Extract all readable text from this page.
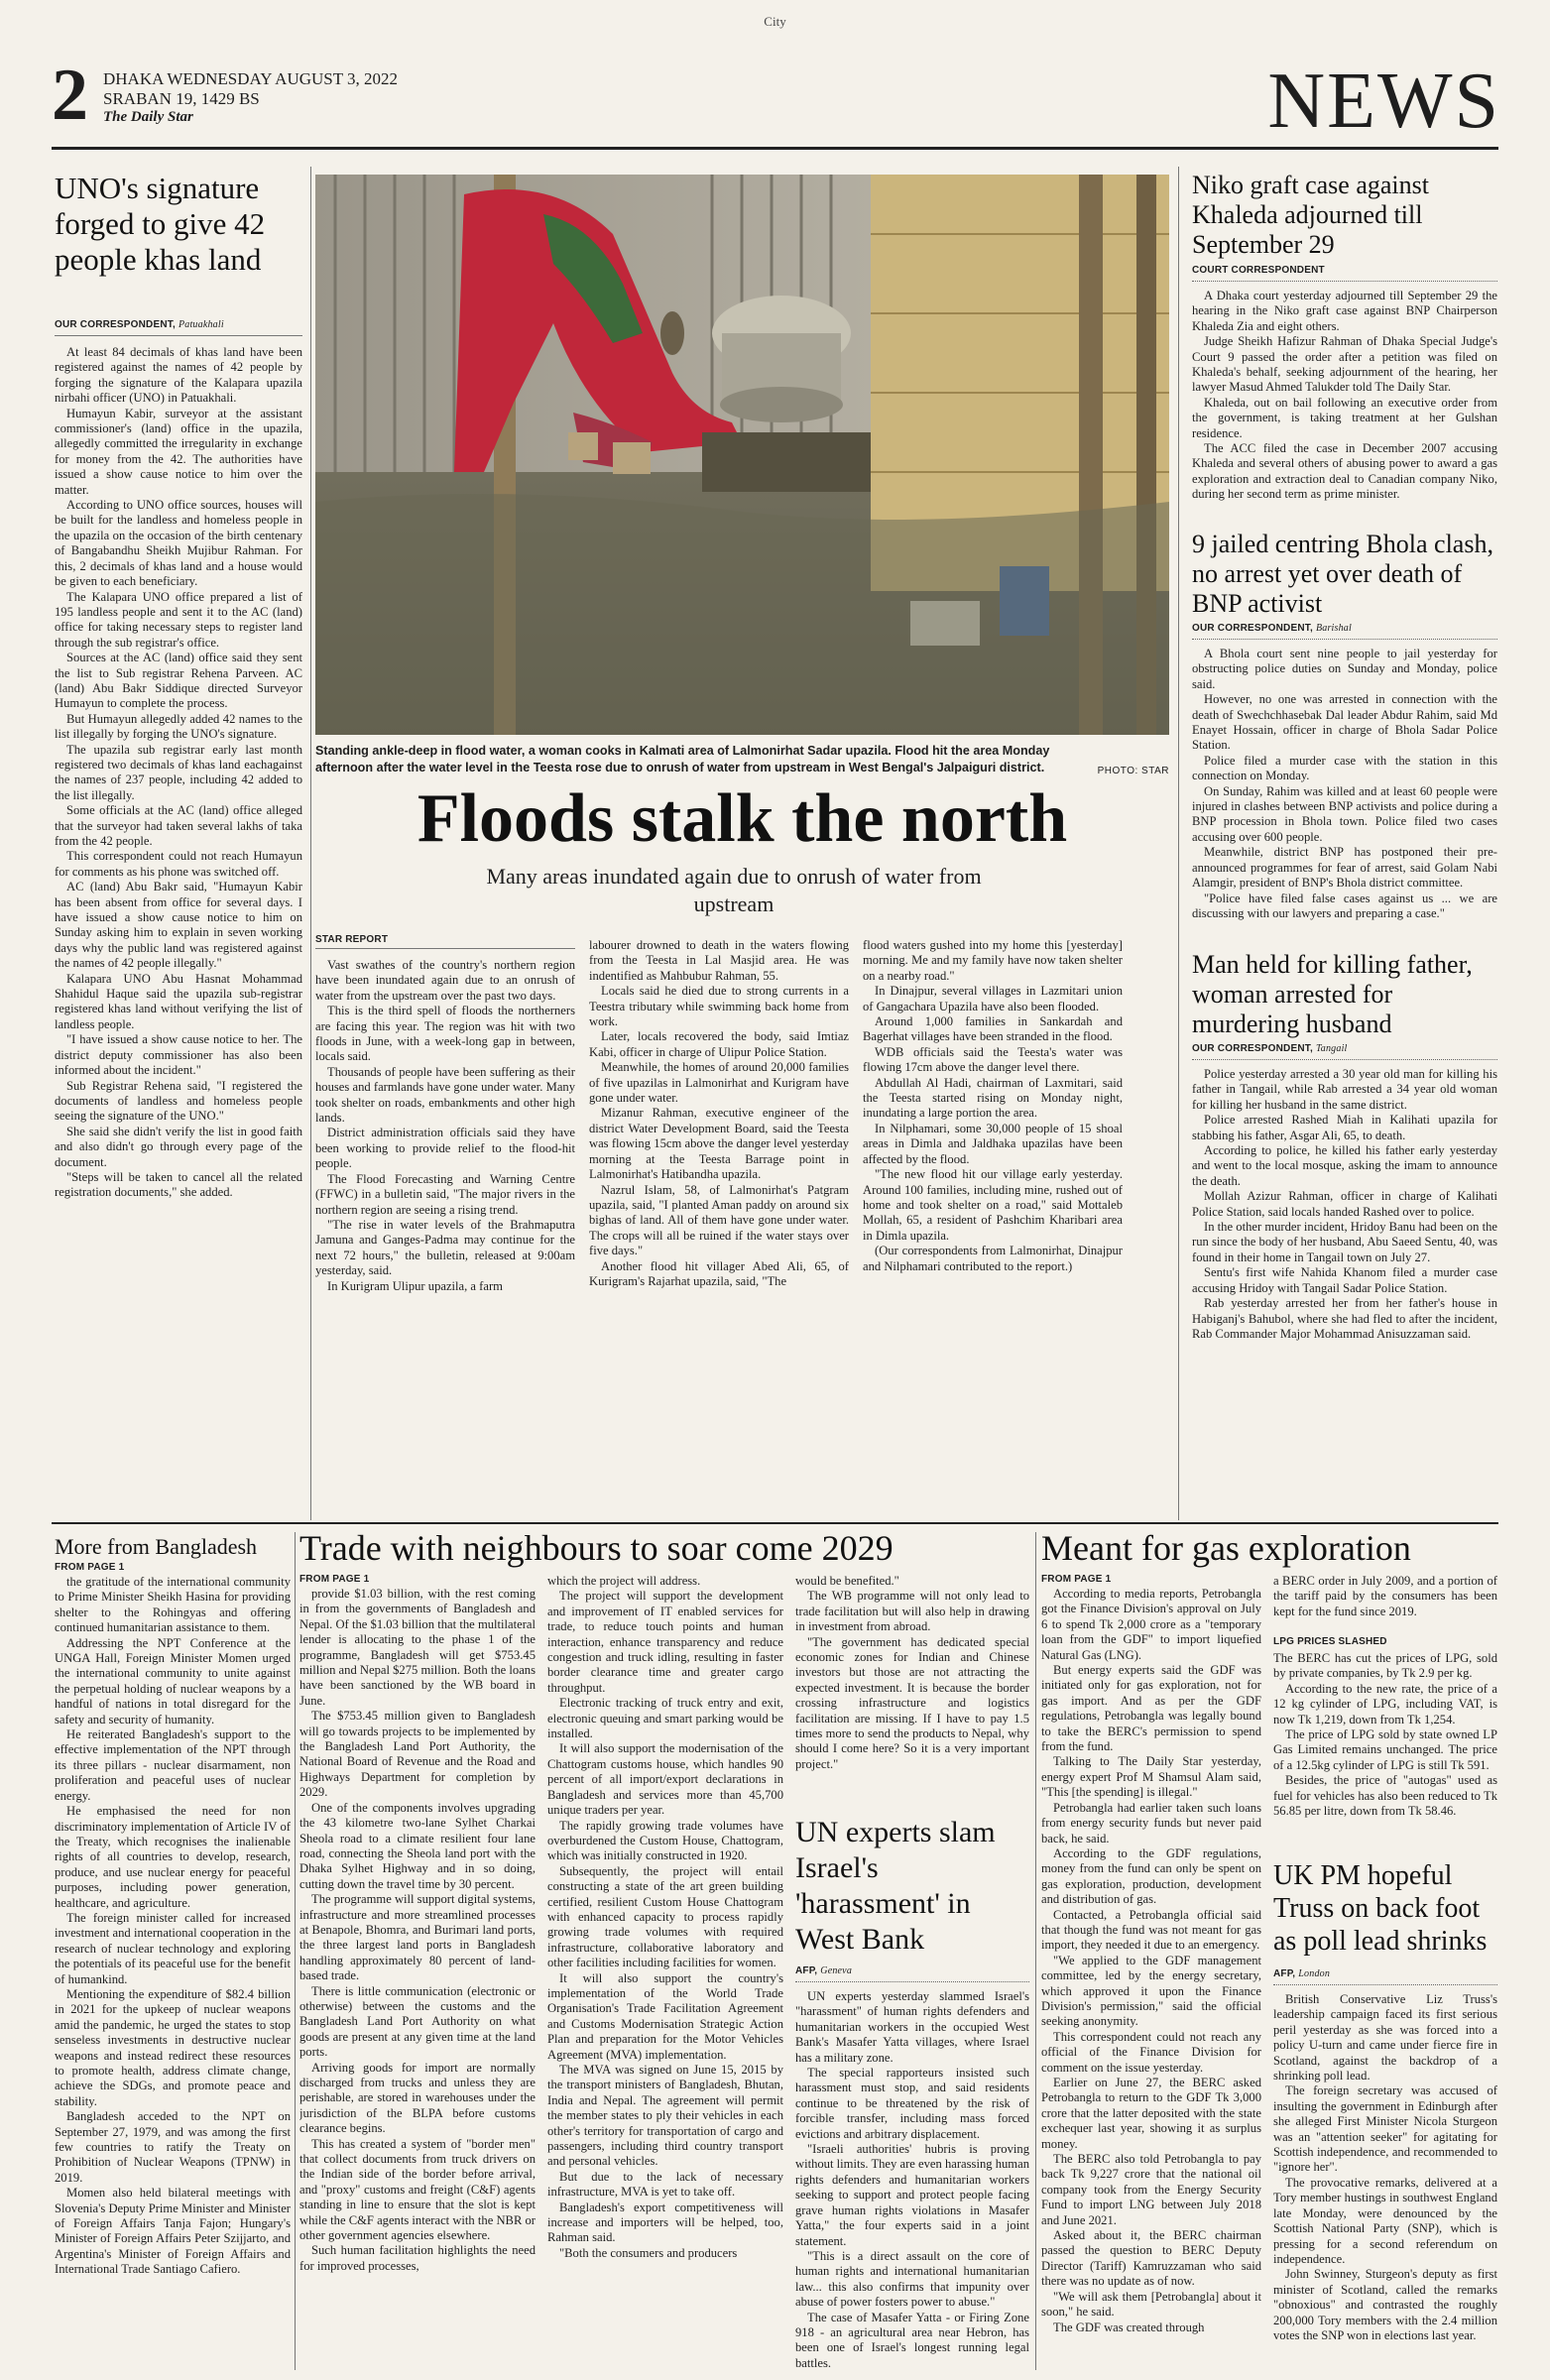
City
2 DHAKA WEDNESDAY AUGUST 3, 2022
SRABAN 19, 1429 BS
The Daily Star	NEWS
UNO's signature forged to give 42 people khas land
OUR CORRESPONDENT, Patuakhali

At least 84 decimals of khas land have been registered against the names of 42 people by forging the signature of the Kalapara upazila nirbahi officer (UNO) in Patuakhali.

Humayun Kabir, surveyor at the assistant commissioner's (land) office in the upazila, allegedly committed the irregularity in exchange for money from the 42. The authorities have issued a show cause notice to him over the matter.

According to UNO office sources, houses will be built for the landless and homeless people in the upazila on the occasion of the birth centenary of Bangabandhu Sheikh Mujibur Rahman. For this, 2 decimals of khas land and a house would be given to each beneficiary.

The Kalapara UNO office prepared a list of 195 landless people and sent it to the AC (land) office for taking necessary steps to register land through the sub registrar's office.

Sources at the AC (land) office said they sent the list to Sub registrar Rehena Parveen. AC (land) Abu Bakr Siddique directed Surveyor Humayun to complete the process.

But Humayun allegedly added 42 names to the list illegally by forging the UNO's signature.

The upazila sub registrar early last month registered two decimals of khas land eachagainst the names of 237 people, including 42 added to the list illegally.

Some officials at the AC (land) office alleged that the surveyor had taken several lakhs of taka from the 42 people.

This correspondent could not reach Humayun for comments as his phone was switched off.

AC (land) Abu Bakr said, "Humayun Kabir has been absent from office for several days. I have issued a show cause notice to him on Sunday asking him to explain in seven working days why the public land was registered against the names of 42 people illegally."

Kalapara UNO Abu Hasnat Mohammad Shahidul Haque said the upazila sub-registrar registered khas land without verifying the list of landless people.

"I have issued a show cause notice to her. The district deputy commissioner has also been informed about the incident."

Sub Registrar Rehena said, "I registered the documents of landless and homeless people seeing the signature of the UNO."

She said she didn't verify the list in good faith and also didn't go through every page of the document.

"Steps will be taken to cancel all the related registration documents," she added.

Standing ankle-deep in flood water, a woman cooks in Kalmati area of Lalmonirhat Sadar upazila. Flood hit the area Monday afternoon after the water level in the Teesta rose due to onrush of water from upstream in West Bengal's Jalpaiguri district.	PHOTO: STAR
Floods stalk the north
Many areas inundated again due to onrush of water from upstream
STAR REPORT

Vast swathes of the country's northern region have been inundated again due to an onrush of water from the upstream over the past two days.

This is the third spell of floods the northerners are facing this year. The region was hit with two floods in June, with a week-long gap in between, locals said.

Thousands of people have been suffering as their houses and farmlands have gone under water. Many took shelter on roads, embankments and other high lands.

District administration officials said they have been working to provide relief to the flood-hit people.

The Flood Forecasting and Warning Centre (FFWC) in a bulletin said, "The major rivers in the northern region are seeing a rising trend.

"The rise in water levels of the Brahmaputra Jamuna and Ganges-Padma may continue for the next 72 hours," the bulletin, released at 9:00am yesterday, said.

In Kurigram Ulipur upazila, a farm

labourer drowned to death in the waters flowing from the Teesta in Lal Masjid area. He was indentified as Mahbubur Rahman, 55.

Locals said he died due to strong currents in a Teestra tributary while swimming back home from work.

Later, locals recovered the body, said Imtiaz Kabi, officer in charge of Ulipur Police Station.

Meanwhile, the homes of around 20,000 families of five upazilas in Lalmonirhat and Kurigram have gone under water.

Mizanur Rahman, executive engineer of the district Water Development Board, said the Teesta was flowing 15cm above the danger level yesterday morning at the Teesta Barrage point in Lalmonirhat's Hatibandha upazila.

Nazrul Islam, 58, of Lalmonirhat's Patgram upazila, said, "I planted Aman paddy on around six bighas of land. All of them have gone under water. The crops will all be ruined if the water stays over five days."

Another flood hit villager Abed Ali, 65, of Kurigram's Rajarhat upazila, said, "The

flood waters gushed into my home this [yesterday] morning. Me and my family have now taken shelter on a nearby road."

In Dinajpur, several villages in Lazmitari union of Gangachara Upazila have also been flooded.

Around 1,000 families in Sankardah and Bagerhat villages have been stranded in the flood.

WDB officials said the Teesta's water was flowing 17cm above the danger level there.

Abdullah Al Hadi, chairman of Laxmitari, said the Teesta started rising on Monday night, inundating a large portion the area.

In Nilphamari, some 30,000 people of 15 shoal areas in Dimla and Jaldhaka upazilas have been affected by the flood.

"The new flood hit our village early yesterday. Around 100 families, including mine, rushed out of home and took shelter on a road," said Mottaleb Mollah, 65, a resident of Pashchim Kharibari area in Dimla upazila.

(Our correspondents from Lalmonirhat, Dinajpur and Nilphamari contributed to the report.)

Niko graft case against Khaleda adjourned till September 29
COURT CORRESPONDENT

A Dhaka court yesterday adjourned till September 29 the hearing in the Niko graft case against BNP Chairperson Khaleda Zia and eight others.

Judge Sheikh Hafizur Rahman of Dhaka Special Judge's Court 9 passed the order after a petition was filed on Khaleda's behalf, seeking adjournment of the hearing, her lawyer Masud Ahmed Talukder told The Daily Star.

Khaleda, out on bail following an executive order from the government, is taking treatment at her Gulshan residence.

The ACC filed the case in December 2007 accusing Khaleda and several others of abusing power to award a gas exploration and extraction deal to Canadian company Niko, during her second term as prime minister.

9 jailed centring Bhola clash, no arrest yet over death of BNP activist
OUR CORRESPONDENT, Barishal

A Bhola court sent nine people to jail yesterday for obstructing police duties on Sunday and Monday, police said.

However, no one was arrested in connection with the death of Swechchhasebak Dal leader Abdur Rahim, said Md Enayet Hossain, officer in charge of Bhola Sadar Police Station.

Police filed a murder case with the station in this connection on Monday.

On Sunday, Rahim was killed and at least 60 people were injured in clashes between BNP activists and police during a BNP procession in Bhola town. Police filed two cases accusing over 600 people.

Meanwhile, district BNP has postponed their pre-announced programmes for fear of arrest, said Golam Nabi Alamgir, president of BNP's Bhola district committee.

"Police have filed false cases against us ... we are discussing with our lawyers and preparing a case."

Man held for killing father, woman arrested for murdering husband
OUR CORRESPONDENT, Tangail

Police yesterday arrested a 30 year old man for killing his father in Tangail, while Rab arrested a 34 year old woman for killing her husband in the same district.

Police arrested Rashed Miah in Kalihati upazila for stabbing his father, Asgar Ali, 65, to death.

According to police, he killed his father early yesterday and went to the local mosque, asking the imam to announce the death.

Mollah Azizur Rahman, officer in charge of Kalihati Police Station, said locals handed Rashed over to police.

In the other murder incident, Hridoy Banu had been on the run since the body of her husband, Abu Saeed Sentu, 40, was found in their home in Tangail town on July 27.

Sentu's first wife Nahida Khanom filed a murder case accusing Hridoy with Tangail Sadar Police Station.

Rab yesterday arrested her from her father's house in Habiganj's Bahubol, where she had fled to after the incident, Rab Commander Major Mohammad Anisuzzaman said.

More from Bangladesh
FROM PAGE 1

the gratitude of the international community to Prime Minister Sheikh Hasina for providing shelter to the Rohingyas and offering continued humanitarian assistance to them.

Addressing the NPT Conference at the UNGA Hall, Foreign Minister Momen urged the international community to unite against the perpetual holding of nuclear weapons by a handful of nations in total disregard for the safety and security of humanity.

He reiterated Bangladesh's support to the effective implementation of the NPT through its three pillars - nuclear disarmament, non proliferation and peaceful uses of nuclear energy.

He emphasised the need for non discriminatory implementation of Article IV of the Treaty, which recognises the inalienable rights of all countries to develop, research, produce, and use nuclear energy for peaceful purposes, including power generation, healthcare, and agriculture.

The foreign minister called for increased investment and international cooperation in the research of nuclear technology and exploring the potentials of its peaceful use for the benefit of humankind.

Mentioning the expenditure of $82.4 billion in 2021 for the upkeep of nuclear weapons amid the pandemic, he urged the states to stop senseless investments in destructive nuclear weapons and instead redirect these resources to promote health, address climate change, achieve the SDGs, and promote peace and stability.

Bangladesh acceded to the NPT on September 27, 1979, and was among the first few countries to ratify the Treaty on Prohibition of Nuclear Weapons (TPNW) in 2019.

Momen also held bilateral meetings with Slovenia's Deputy Prime Minister and Minister of Foreign Affairs Tanja Fajon; Hungary's Minister of Foreign Affairs Peter Szijjarto, and Argentina's Minister of Foreign Affairs and International Trade Santiago Cafiero.

Trade with neighbours to soar come 2029
FROM PAGE 1

provide $1.03 billion, with the rest coming in from the governments of Bangladesh and Nepal. Of the $1.03 billion that the multilateral lender is allocating to the phase 1 of the programme, Bangladesh will get $753.45 million and Nepal $275 million. Both the loans have been sanctioned by the WB board in June.

The $753.45 million given to Bangladesh will go towards projects to be implemented by the Bangladesh Land Port Authority, the National Board of Revenue and the Road and Highways Department for completion by 2029.

One of the components involves upgrading the 43 kilometre two-lane Sylhet Charkai Sheola road to a climate resilient four lane road, connecting the Sheola land port with the Dhaka Sylhet Highway and in so doing, cutting down the travel time by 30 percent.

The programme will support digital systems, infrastructure and more streamlined processes at Benapole, Bhomra, and Burimari land ports, the three largest land ports in Bangladesh handling approximately 80 percent of land-based trade.

There is little communication (electronic or otherwise) between the customs and the Bangladesh Land Port Authority on what goods are present at any given time at the land ports.

Arriving goods for import are normally discharged from trucks and unless they are perishable, are stored in warehouses under the jurisdiction of the BLPA before customs clearance begins.

This has created a system of "border men" that collect documents from truck drivers on the Indian side of the border before arrival, and "proxy" customs and freight (C&F) agents standing in line to ensure that the slot is kept while the C&F agents interact with the NBR or other government agencies elsewhere.

Such human facilitation highlights the need for improved processes,

which the project will address.

The project will support the development and improvement of IT enabled services for trade, to reduce touch points and human interaction, enhance transparency and reduce congestion and truck idling, resulting in faster border clearance time and greater cargo throughput.

Electronic tracking of truck entry and exit, electronic queuing and smart parking would be installed.

It will also support the modernisation of the Chattogram customs house, which handles 90 percent of all import/export declarations in Bangladesh and services more than 45,700 unique traders per year.

The rapidly growing trade volumes have overburdened the Custom House, Chattogram, which was initially constructed in 1920.

Subsequently, the project will entail constructing a state of the art green building certified, resilient Custom House Chattogram with enhanced capacity to process rapidly growing trade volumes with required infrastructure, collaborative laboratory and other facilities including facilities for women.

It will also support the country's implementation of the World Trade Organisation's Trade Facilitation Agreement and Customs Modernisation Strategic Action Plan and preparation for the Motor Vehicles Agreement (MVA) implementation.

The MVA was signed on June 15, 2015 by the transport ministers of Bangladesh, Bhutan, India and Nepal. The agreement will permit the member states to ply their vehicles in each other's territory for transportation of cargo and passengers, including third country transport and personal vehicles.

But due to the lack of necessary infrastructure, MVA is yet to take off.

Bangladesh's export competitiveness will increase and importers will be helped, too, Rahman said.

"Both the consumers and producers

would be benefited."

The WB programme will not only lead to trade facilitation but will also help in drawing in investment from abroad.

"The government has dedicated special economic zones for Indian and Chinese investors but those are not attracting the expected investment. It is because the border crossing infrastructure and logistics facilitation are missing. If I have to pay 1.5 times more to send the products to Nepal, why should I come here? So it is a very important project."

UN experts slam Israel's 'harassment' in West Bank
AFP, Geneva

UN experts yesterday slammed Israel's "harassment" of human rights defenders and humanitarian workers in the occupied West Bank's Masafer Yatta villages, where Israel has a military zone.

The special rapporteurs insisted such harassment must stop, and said residents continue to be threatened by the risk of forcible transfer, including mass forced evictions and arbitrary displacement.

"Israeli authorities' hubris is proving without limits. They are even harassing human rights defenders and humanitarian workers seeking to support and protect people facing grave human rights violations in Masafer Yatta," the four experts said in a joint statement.

"This is a direct assault on the core of human rights and international humanitarian law... this also confirms that impunity over abuse of power fosters power to abuse."

The case of Masafer Yatta - or Firing Zone 918 - an agricultural area near Hebron, has been one of Israel's longest running legal battles.

Meant for gas exploration
FROM PAGE 1

According to media reports, Petrobangla got the Finance Division's approval on July 6 to spend Tk 2,000 crore as a "temporary loan from the GDF" to import liquefied Natural Gas (LNG).

But energy experts said the GDF was initiated only for gas exploration, not for gas import. And as per the GDF regulations, Petrobangla was legally bound to take the BERC's permission to spend from the fund.

Talking to The Daily Star yesterday, energy expert Prof M Shamsul Alam said, "This [the spending] is illegal."

Petrobangla had earlier taken such loans from energy security funds but never paid back, he said.

According to the GDF regulations, money from the fund can only be spent on gas exploration, production, development and distribution of gas.

Contacted, a Petrobangla official said that though the fund was not meant for gas import, they needed it due to an emergency.

"We applied to the GDF management committee, led by the energy secretary, which approved it upon the Finance Division's permission," said the official seeking anonymity.

This correspondent could not reach any official of the Finance Division for comment on the issue yesterday.

Earlier on June 27, the BERC asked Petrobangla to return to the GDF Tk 3,000 crore that the latter deposited with the state exchequer last year, showing it as surplus money.

The BERC also told Petrobangla to pay back Tk 9,227 crore that the national oil company took from the Energy Security Fund to import LNG between July 2018 and June 2021.

Asked about it, the BERC chairman passed the question to BERC Deputy Director (Tariff) Kamruzzaman who said there was no update as of now.

"We will ask them [Petrobangla] about it soon," he said.

The GDF was created through

a BERC order in July 2009, and a portion of the tariff paid by the consumers has been kept for the fund since 2019.

LPG PRICES SLASHED

The BERC has cut the prices of LPG, sold by private companies, by Tk 2.9 per kg.

According to the new rate, the price of a 12 kg cylinder of LPG, including VAT, is now Tk 1,219, down from Tk 1,254.

The price of LPG sold by state owned LP Gas Limited remains unchanged. The price of a 12.5kg cylinder of LPG is still Tk 591.

Besides, the price of "autogas" used as fuel for vehicles has also been reduced to Tk 56.85 per litre, down from Tk 58.46.

UK PM hopeful Truss on back foot as poll lead shrinks
AFP, London

British Conservative Liz Truss's leadership campaign faced its first serious peril yesterday as she was forced into a policy U-turn and came under fierce fire in Scotland, against the backdrop of a shrinking poll lead.

The foreign secretary was accused of insulting the government in Edinburgh after she alleged First Minister Nicola Sturgeon was an "attention seeker" for agitating for Scottish independence, and recommended to "ignore her".

The provocative remarks, delivered at a Tory member hustings in southwest England late Monday, were denounced by the Scottish National Party (SNP), which is pressing for a second referendum on independence.

John Swinney, Sturgeon's deputy as first minister of Scotland, called the remarks "obnoxious" and contrasted the roughly 200,000 Tory members with the 2.4 million votes the SNP won in elections last year.
